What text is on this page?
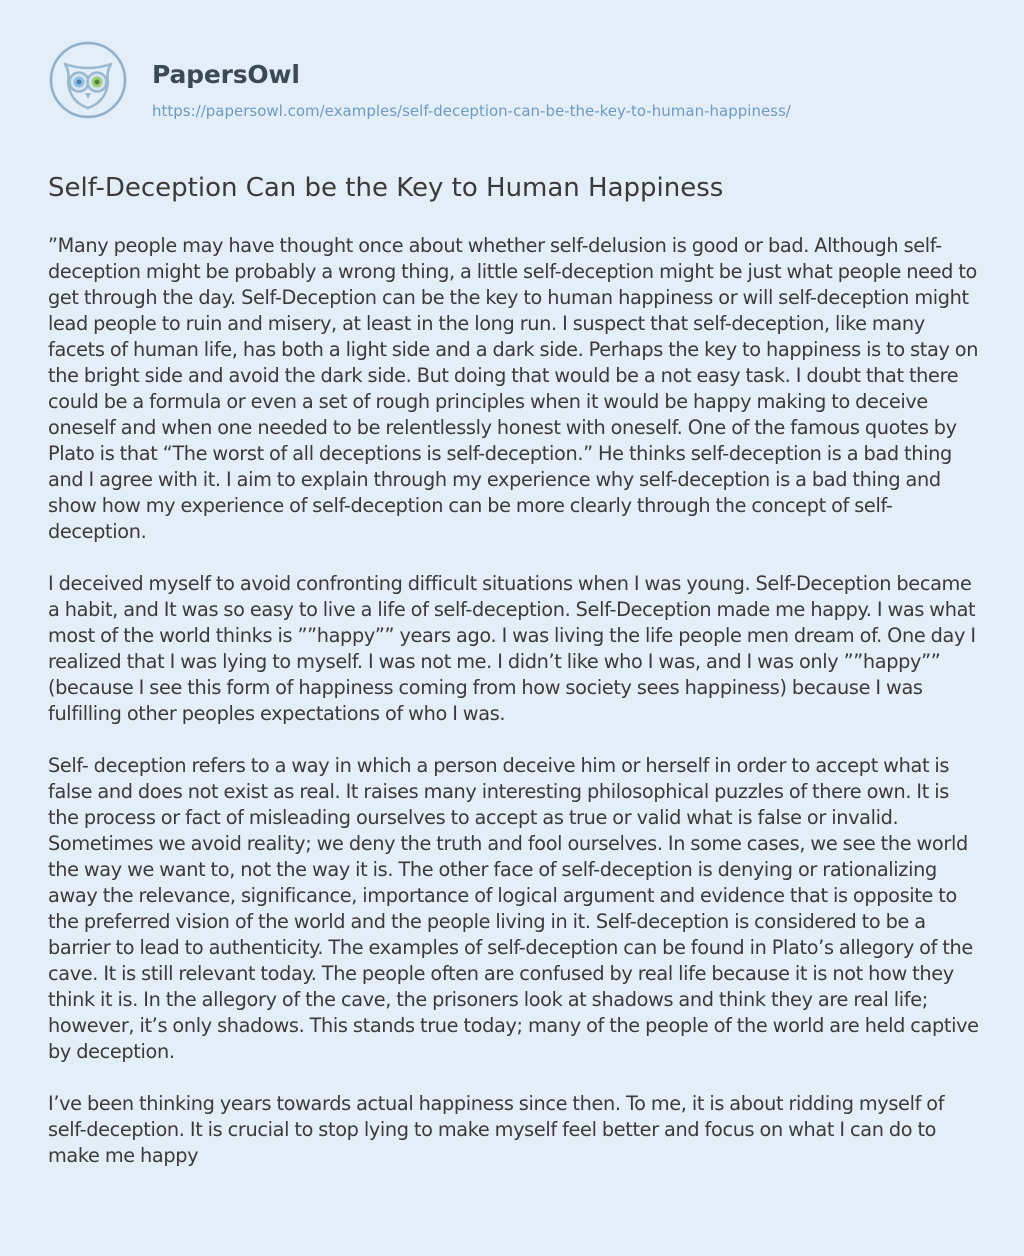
PapersOwl
https://papersowl.com/examples/self-deception-can-be-the-key-to-human-happiness/
Self-Deception Can be the Key to Human Happiness

”Many people may have thought once about whether self-delusion is good or bad. Although self-deception might be probably a wrong thing, a little self-deception might be just what people need to get through the day. Self-Deception can be the key to human happiness or will self-deception might lead people to ruin and misery, at least in the long run. I suspect that self-deception, like many facets of human life, has both a light side and a dark side. Perhaps the key to happiness is to stay on the bright side and avoid the dark side. But doing that would be a not easy task. I doubt that there could be a formula or even a set of rough principles when it would be happy making to deceive oneself and when one needed to be relentlessly honest with oneself. One of the famous quotes by Plato is that “The worst of all deceptions is self-deception.” He thinks self-deception is a bad thing and I agree with it. I aim to explain through my experience why self-deception is a bad thing and show how my experience of self-deception can be more clearly through the concept of self-deception.

I deceived myself to avoid confronting difficult situations when I was young. Self-Deception became a habit, and It was so easy to live a life of self-deception. Self-Deception made me happy. I was what most of the world thinks is ””happy”” years ago. I was living the life people men dream of. One day I realized that I was lying to myself. I was not me. I didn’t like who I was, and I was only ””happy”” (because I see this form of happiness coming from how society sees happiness) because I was fulfilling other peoples expectations of who I was.

Self- deception refers to a way in which a person deceive him or herself in order to accept what is false and does not exist as real. It raises many interesting philosophical puzzles of there own. It is the process or fact of misleading ourselves to accept as true or valid what is false or invalid. Sometimes we avoid reality; we deny the truth and fool ourselves. In some cases, we see the world the way we want to, not the way it is. The other face of self-deception is denying or rationalizing away the relevance, significance, importance of logical argument and evidence that is opposite to the preferred vision of the world and the people living in it. Self-deception is considered to be a barrier to lead to authenticity. The examples of self-deception can be found in Plato’s allegory of the cave. It is still relevant today. The people often are confused by real life because it is not how they think it is. In the allegory of the cave, the prisoners look at shadows and think they are real life; however, it’s only shadows. This stands true today; many of the people of the world are held captive by deception.

I’ve been thinking years towards actual happiness since then. To me, it is about ridding myself of self-deception. It is crucial to stop lying to make myself feel better and focus on what I can do to make me happy
